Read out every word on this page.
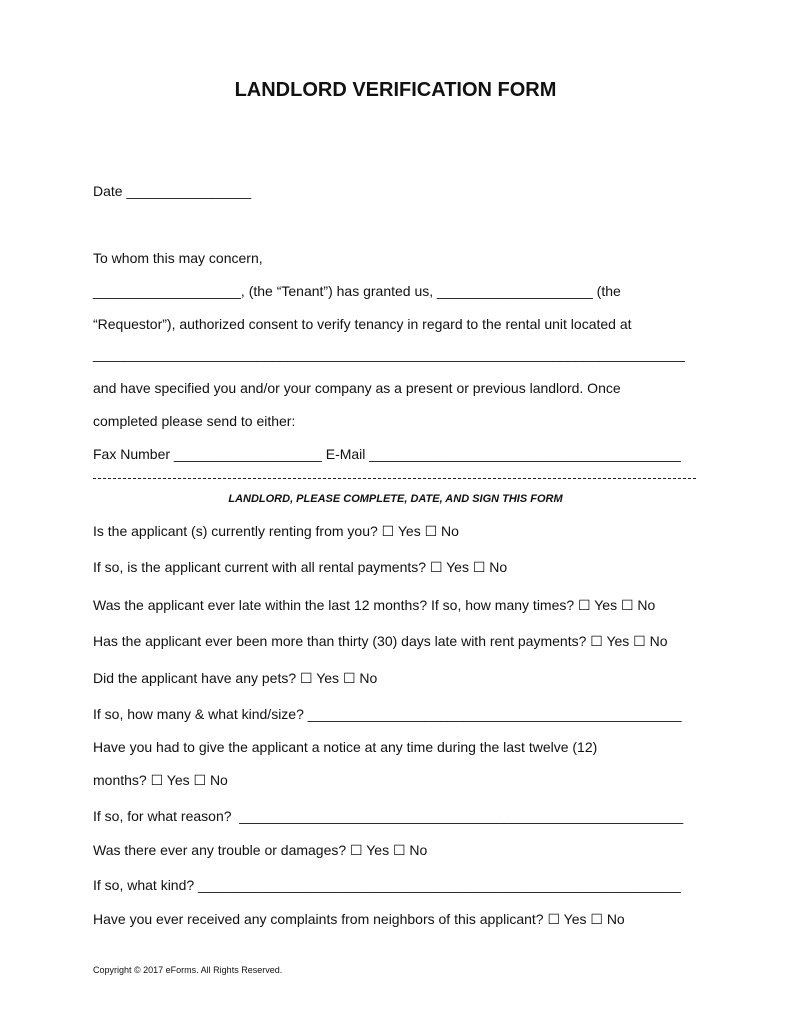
LANDLORD VERIFICATION FORM
Date ________________
To whom this may concern,
___________________, (the “Tenant”) has granted us, ____________________ (the
“Requestor”), authorized consent to verify tenancy in regard to the rental unit located at
____________________________________________________________________________
and have specified you and/or your company as a present or previous landlord. Once
completed please send to either:
Fax Number ___________________ E-Mail ________________________________________
LANDLORD, PLEASE COMPLETE, DATE, AND SIGN THIS FORM
Is the applicant (s) currently renting from you? ☐ Yes ☐ No
If so, is the applicant current with all rental payments? ☐ Yes ☐ No
Was the applicant ever late within the last 12 months? If so, how many times? ☐ Yes ☐ No
Has the applicant ever been more than thirty (30) days late with rent payments? ☐ Yes ☐ No
Did the applicant have any pets? ☐ Yes ☐ No
If so, how many & what kind/size? ________________________________________________
Have you had to give the applicant a notice at any time during the last twelve (12)
months? ☐ Yes ☐ No
If so, for what reason?  _________________________________________________________
Was there ever any trouble or damages? ☐ Yes ☐ No
If so, what kind? ______________________________________________________________
Have you ever received any complaints from neighbors of this applicant? ☐ Yes ☐ No
Copyright © 2017 eForms. All Rights Reserved.
